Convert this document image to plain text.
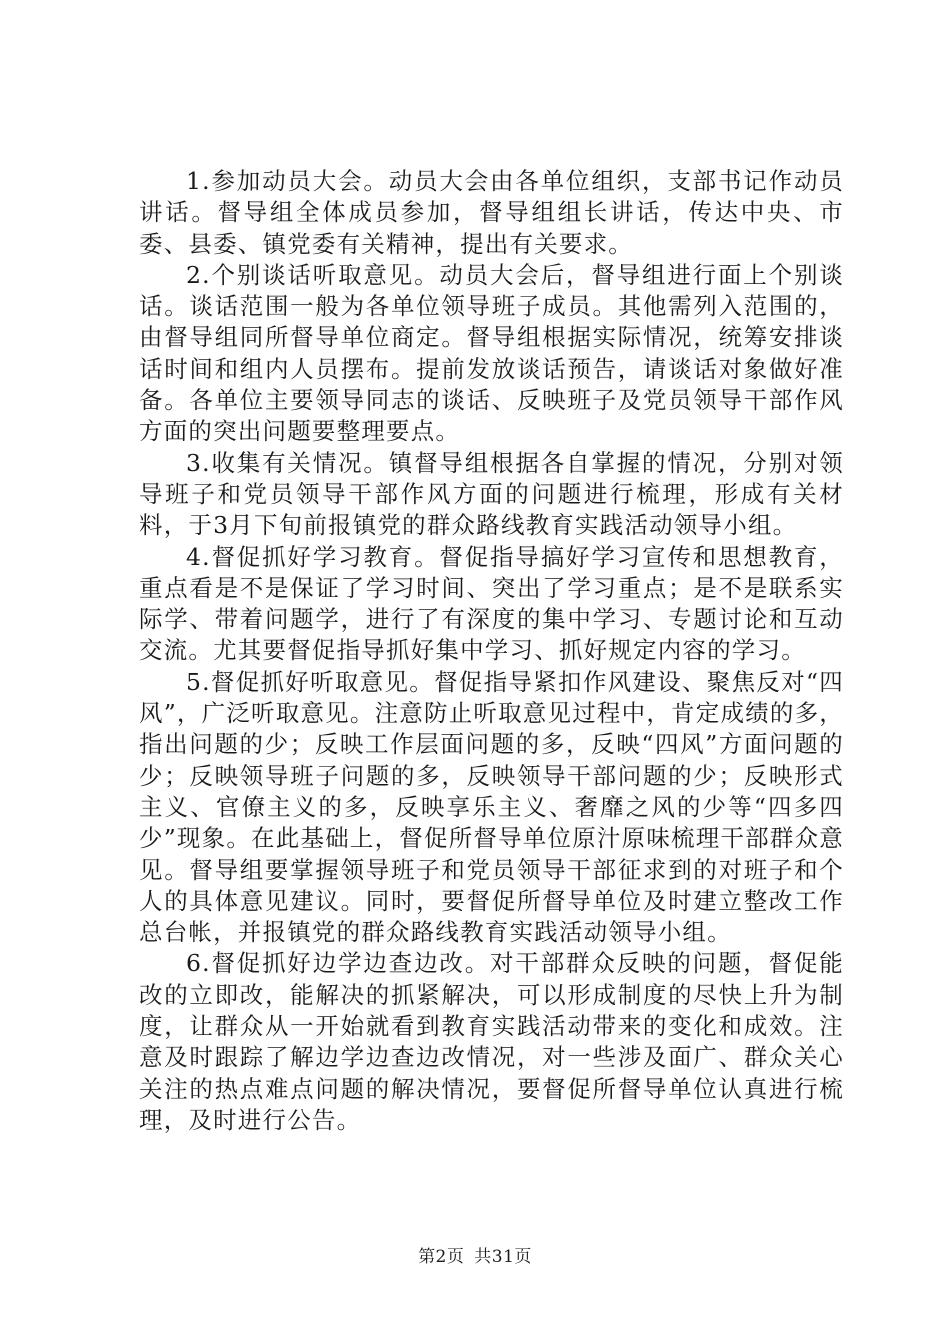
1.参加动员大会。动员大会由各单位组织，支部书记作动员讲话。督导组全体成员参加，督导组组长讲话，传达中央、市委、县委、镇党委有关精神，提出有关要求。

2.个别谈话听取意见。动员大会后，督导组进行面上个别谈话。谈话范围一般为各单位领导班子成员。其他需列入范围的，由督导组同所督导单位商定。督导组根据实际情况，统筹安排谈话时间和组内人员摆布。提前发放谈话预告，请谈话对象做好准备。各单位主要领导同志的谈话、反映班子及党员领导干部作风方面的突出问题要整理要点。

3.收集有关情况。镇督导组根据各自掌握的情况，分别对领导班子和党员领导干部作风方面的问题进行梳理，形成有关材料，于3月下旬前报镇党的群众路线教育实践活动领导小组。

4.督促抓好学习教育。督促指导搞好学习宣传和思想教育，重点看是不是保证了学习时间、突出了学习重点；是不是联系实际学、带着问题学，进行了有深度的集中学习、专题讨论和互动交流。尤其要督促指导抓好集中学习、抓好规定内容的学习。

5.督促抓好听取意见。督促指导紧扣作风建设、聚焦反对“四风”，广泛听取意见。注意防止听取意见过程中，肯定成绩的多，指出问题的少；反映工作层面问题的多，反映“四风”方面问题的少；反映领导班子问题的多，反映领导干部问题的少；反映形式主义、官僚主义的多，反映享乐主义、奢靡之风的少等“四多四少”现象。在此基础上，督促所督导单位原汁原味梳理干部群众意见。督导组要掌握领导班子和党员领导干部征求到的对班子和个人的具体意见建议。同时，要督促所督导单位及时建立整改工作总台帐，并报镇党的群众路线教育实践活动领导小组。

6.督促抓好边学边查边改。对干部群众反映的问题，督促能改的立即改，能解决的抓紧解决，可以形成制度的尽快上升为制度，让群众从一开始就看到教育实践活动带来的变化和成效。注意及时跟踪了解边学边查边改情况，对一些涉及面广、群众关心关注的热点难点问题的解决情况，要督促所督导单位认真进行梳理，及时进行公告。

第2页 共31页
